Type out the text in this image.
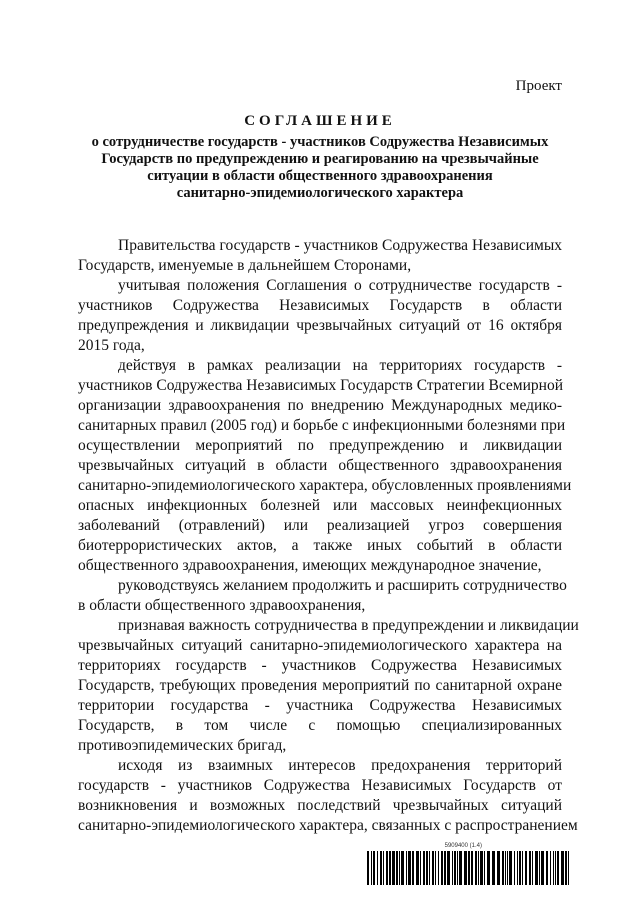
Проект
СОГЛАШЕНИЕ
о сотрудничестве государств - участников Содружества Независимых
Государств по предупреждению и реагированию на чрезвычайные
ситуации в области общественного здравоохранения
санитарно-эпидемиологического характера

Правительства государств - участников Содружества Независимых
Государств, именуемые в дальнейшем Сторонами,

учитывая положения Соглашения о сотрудничестве государств -
участников Содружества Независимых Государств в области
предупреждения и ликвидации чрезвычайных ситуаций от 16 октября
2015 года,

действуя в рамках реализации на территориях государств -
участников Содружества Независимых Государств Стратегии Всемирной
организации здравоохранения по внедрению Международных медико-
санитарных правил (2005 год) и борьбе с инфекционными болезнями при
осуществлении мероприятий по предупреждению и ликвидации
чрезвычайных ситуаций в области общественного здравоохранения
санитарно-эпидемиологического характера, обусловленных проявлениями
опасных инфекционных болезней или массовых неинфекционных
заболеваний (отравлений) или реализацией угроз совершения
биотеррористических актов, а также иных событий в области
общественного здравоохранения, имеющих международное значение,

руководствуясь желанием продолжить и расширить сотрудничество
в области общественного здравоохранения,

признавая важность сотрудничества в предупреждении и ликвидации
чрезвычайных ситуаций санитарно-эпидемиологического характера на
территориях государств - участников Содружества Независимых
Государств, требующих проведения мероприятий по санитарной охране
территории государства - участника Содружества Независимых
Государств, в том числе с помощью специализированных
противоэпидемических бригад,

исходя из взаимных интересов предохранения территорий
государств - участников Содружества Независимых Государств от
возникновения и возможных последствий чрезвычайных ситуаций
санитарно-эпидемиологического характера, связанных с распространением

5909400 (1.4)
